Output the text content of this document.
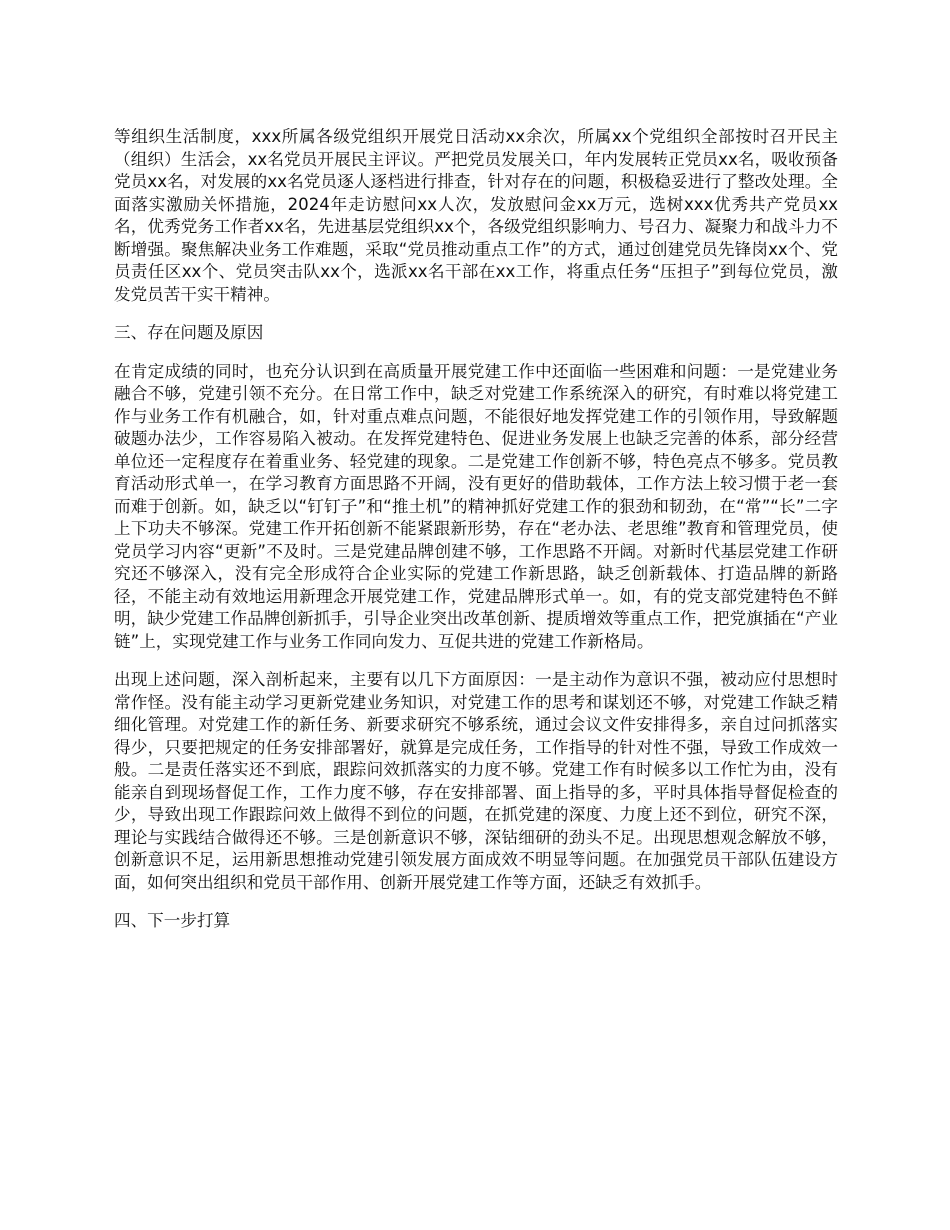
等组织生活制度，xxx所属各级党组织开展党日活动xx余次，所属xx个党组织全部按时召开民主（组织）生活会，xx名党员开展民主评议。严把党员发展关口，年内发展转正党员xx名，吸收预备党员xx名，对发展的xx名党员逐人逐档进行排查，针对存在的问题，积极稳妥进行了整改处理。全面落实激励关怀措施，2024年走访慰问xx人次，发放慰问金xx万元，选树xxx优秀共产党员xx名，优秀党务工作者xx名，先进基层党组织xx个，各级党组织影响力、号召力、凝聚力和战斗力不断增强。聚焦解决业务工作难题，采取“党员推动重点工作”的方式，通过创建党员先锋岗xx个、党员责任区xx个、党员突击队xx个，选派xx名干部在xx工作，将重点任务“压担子”到每位党员，激发党员苦干实干精神。

三、存在问题及原因

在肯定成绩的同时，也充分认识到在高质量开展党建工作中还面临一些困难和问题：一是党建业务融合不够，党建引领不充分。在日常工作中，缺乏对党建工作系统深入的研究，有时难以将党建工作与业务工作有机融合，如，针对重点难点问题，不能很好地发挥党建工作的引领作用，导致解题破题办法少，工作容易陷入被动。在发挥党建特色、促进业务发展上也缺乏完善的体系，部分经营单位还一定程度存在着重业务、轻党建的现象。二是党建工作创新不够，特色亮点不够多。党员教育活动形式单一，在学习教育方面思路不开阔，没有更好的借助载体，工作方法上较习惯于老一套而难于创新。如，缺乏以“钉钉子”和“推土机”的精神抓好党建工作的狠劲和韧劲，在“常”“长”二字上下功夫不够深。党建工作开拓创新不能紧跟新形势，存在“老办法、老思维”教育和管理党员，使党员学习内容“更新”不及时。三是党建品牌创建不够，工作思路不开阔。对新时代基层党建工作研究还不够深入，没有完全形成符合企业实际的党建工作新思路，缺乏创新载体、打造品牌的新路径，不能主动有效地运用新理念开展党建工作，党建品牌形式单一。如，有的党支部党建特色不鲜明，缺少党建工作品牌创新抓手，引导企业突出改革创新、提质增效等重点工作，把党旗插在“产业链”上，实现党建工作与业务工作同向发力、互促共进的党建工作新格局。

出现上述问题，深入剖析起来，主要有以几下方面原因：一是主动作为意识不强，被动应付思想时常作怪。没有能主动学习更新党建业务知识，对党建工作的思考和谋划还不够，对党建工作缺乏精细化管理。对党建工作的新任务、新要求研究不够系统，通过会议文件安排得多，亲自过问抓落实得少，只要把规定的任务安排部署好，就算是完成任务，工作指导的针对性不强，导致工作成效一般。二是责任落实还不到底，跟踪问效抓落实的力度不够。党建工作有时候多以工作忙为由，没有能亲自到现场督促工作，工作力度不够，存在安排部署、面上指导的多，平时具体指导督促检查的少，导致出现工作跟踪问效上做得不到位的问题，在抓党建的深度、力度上还不到位，研究不深，理论与实践结合做得还不够。三是创新意识不够，深钻细研的劲头不足。出现思想观念解放不够，创新意识不足，运用新思想推动党建引领发展方面成效不明显等问题。在加强党员干部队伍建设方面，如何突出组织和党员干部作用、创新开展党建工作等方面，还缺乏有效抓手。

四、下一步打算
